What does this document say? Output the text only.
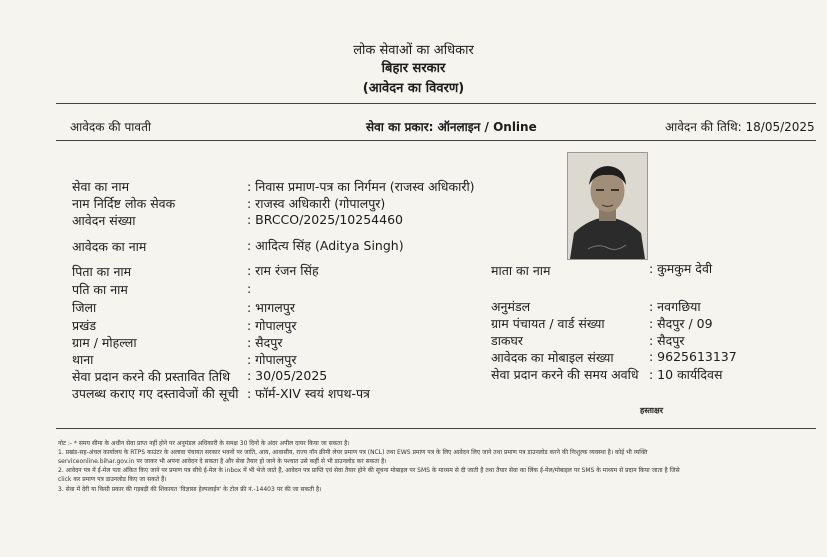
लोक सेवाओं का अधिकार
बिहार सरकार
(आवेदन का विवरण)
आवेदक की पावती	सेवा का प्रकार: ऑनलाइन / Online	आवेदन की तिथि: 18/05/2025
सेवा का नाम	: निवास प्रमाण-पत्र का निर्गमन (राजस्व अधिकारी)
नाम निर्दिष्ट लोक सेवक	: राजस्व अधिकारी (गोपालपुर)
आवेदन संख्या	: BRCCO/2025/10254460
आवेदक का नाम	: आदित्य सिंह (Aditya Singh)
पिता का नाम	: राम रंजन सिंह
पति का नाम	:
जिला	: भागलपुर
प्रखंड	: गोपालपुर
ग्राम / मोहल्ला	: सैदपुर
थाना	: गोपालपुर
सेवा प्रदान करने की प्रस्तावित तिथि : 30/05/2025
उपलब्ध कराए गए दस्तावेजों की सूची : फॉर्म-XIV स्वयं शपथ-पत्र
माता का नाम	: कुमकुम देवी
अनुमंडल	: नवगछिया
ग्राम पंचायत / वार्ड संख्या	: सैदपुर / 09
डाकघर	: सैदपुर
आवेदक का मोबाइल संख्या	: 9625613137
सेवा प्रदान करने की समय अवधि : 10 कार्यदिवस
हस्ताक्षर
नोट :- * समय सीमा के अधीन सेवा प्राप्त नहीं होने पर अनुमंडल अधिकारी के समक्ष 30 दिनों के अंदर अपील दायर किया जा सकता है।
1. प्रखंड-सह-अंचल कार्यालय के RTPS काउंटर के अलावा पंचायत सरकार भवनों पर जाति, आय, आवासीय, राज्य नॉन क्रीमी लेयर प्रमाण पत्र (NCL) तथा EWS प्रमाण पत्र के लिए आवेदन लिए जाने तथा प्रमाण पत्र डाउनलोड करने की निःशुल्क व्यवस्था है। कोई भी व्यक्ति
serviceonline.bihar.gov.in पर जाकर भी अपना आवेदन दे सकता है और सेवा तैयार हो जाने के पश्चात उसे कहीं से भी डाउनलोड कर सकता है।
2. आवेदन पत्र में ई-मेल पता अंकित किए जाने पर प्रमाण पत्र सीधे ई-मेल के inbox में भी भेजे जाते हैं, आवेदन पत्र प्राप्ति एवं सेवा तैयार होने की सूचना मोबाइल पर SMS के माध्यम से दी जाती है तथा तैयार सेवा का लिंक ई-मेल/मोबाइल पर SMS के माध्यम से प्रदान किया जाता है जिसे
click कर प्रमाण पत्र डाउनलोड किए जा सकते हैं।
3. सेवा में देरी या किसी प्रकार की गड़बड़ी की शिकायत 'विज्ञासा हेल्पलाईन' के टोल फ्री नं.-14403 पर की जा सकती है।
